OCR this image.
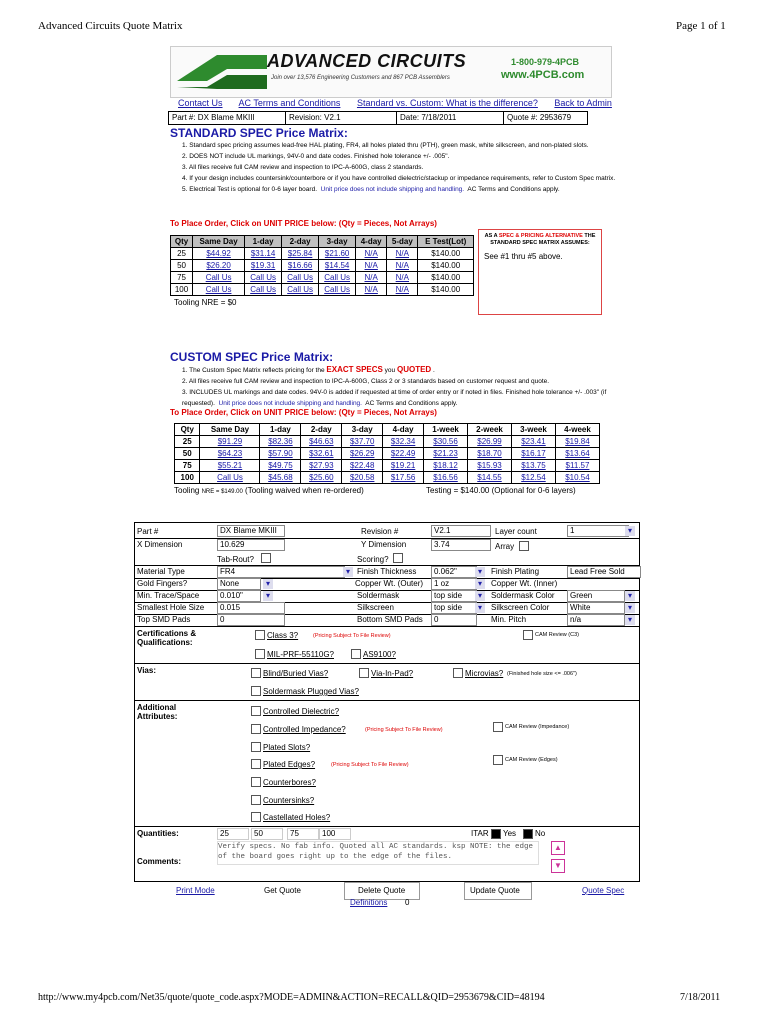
Advanced Circuits Quote Matrix	Page 1 of 1
ADVANCED CIRCUITS
Join over 13,576 Engineering Customers and 867 PCB Assemblers
1-800-979-4PCB
www.4PCB.com
Contact Us AC Terms and Conditions Standard vs. Custom: What is the difference? Back to Admin
Part #: DX Blame MKIII	Revision: V2.1	Date: 7/18/2011	Quote #: 2953679
STANDARD SPEC Price Matrix:
1. Standard spec pricing assumes lead-free HAL plating, FR4, all holes plated thru (PTH), green mask, white silkscreen, and non-plated slots.
2. DOES NOT include UL markings, 94V-0 and date codes. Finished hole tolerance +/- .005".
3. All files receive full CAM review and inspection to IPC-A-600G, class 2 standards.
4. If your design includes countersink/counterbore or if you have controlled dielectric/stackup or impedance requirements, refer to Custom Spec matrix.
5. Electrical Test is optional for 0-6 layer board. Unit price does not include shipping and handling. AC Terms and Conditions apply.
To Place Order, Click on UNIT PRICE below: (Qty = Pieces, Not Arrays)
Qty	Same Day	1-day	2-day	3-day	4-day	5-day	E Test(Lot)
25	$44.92	$31.14	$25.84	$21.60	N/A	N/A	$140.00
50	$26.20	$19.31	$16.66	$14.54	N/A	N/A	$140.00
75	Call Us	Call Us	Call Us	Call Us	N/A	N/A	$140.00
100	Call Us	Call Us	Call Us	Call Us	N/A	N/A	$140.00
Tooling NRE = $0
AS A SPEC & PRICING ALTERNATIVE THE STANDARD SPEC MATRIX ASSUMES:
See #1 thru #5 above.
CUSTOM SPEC Price Matrix:
1. The Custom Spec Matrix reflects pricing for the EXACT SPECS you QUOTED .
2. All files receive full CAM review and inspection to IPC-A-600G, Class 2 or 3 standards based on customer request and quote.
3. INCLUDES UL markings and date codes. 94V-0 is added if requested at time of order entry or if noted in files. Finished hole tolerance +/- .003" (if requested). Unit price does not include shipping and handling. AC Terms and Conditions apply.
To Place Order, Click on UNIT PRICE below: (Qty = Pieces, Not Arrays)
Qty	Same Day	1-day	2-day	3-day	4-day	1-week	2-week	3-week	4-week
25	$91.29	$82.36	$46.63	$37.70	$32.34	$30.56	$26.99	$23.41	$19.84
50	$64.23	$57.90	$32.61	$26.29	$22.49	$21.23	$18.70	$16.17	$13.64
75	$55.21	$49.75	$27.93	$22.48	$19.21	$18.12	$15.93	$13.75	$11.57
100	Call Us	$45.68	$25.60	$20.58	$17.56	$16.56	$14.55	$12.54	$10.54
Tooling NRE = $149.00 (Tooling waived when re-ordered)	Testing = $140.00 (Optional for 0-6 layers)
Part #	DX Blame MKIII	Revision #	V2.1	Layer count	1	▾
X Dimension	10.629	Y Dimension	3.74	Array
Tab-Rout?	Scoring?
Material Type	FR4	▾ Finish Thickness	0.062"	▾	Finish Plating	Lead Free Sold
Gold Fingers?	None	▾	Copper Wt. (Outer)	1 oz	▾	Copper Wt. (Inner)
Min. Trace/Space	0.010"	▾	Soldermask	top side	▾	Soldermask Color	Green	▾
Smallest Hole Size	0.015	Silkscreen	top side	▾	Silkscreen Color	White	▾
Top SMD Pads	0	Bottom SMD Pads	0	Min. Pitch	n/a	▾
Certifications & Qualifications:
Class 3?	(Pricing Subject To File Review)	CAM Review (C3)
MIL-PRF-55110G?	AS9100?
Vias:	Blind/Buried Vias?	Via-In-Pad?	Microvias? (Finished hole size <= .006")
Soldermask Plugged Vias?
Additional Attributes:
Controlled Dielectric?
Controlled Impedance?	(Pricing Subject To File Review)	CAM Review (Impedance)
Plated Slots?
Plated Edges?	(Pricing Subject To File Review)
CAM Review (Edges)
Counterbores?
Countersinks?
Castellated Holes?
Quantities:	25	50	75	100	ITAR Yes No
Comments:
Verify specs. No fab info. Quoted all AC standards. ksp NOTE: the edge of the board goes right up to the edge of the files.
▲
▼
Print Mode	Get Quote	Delete Quote	Update Quote	Quote Spec
Definitions 0
http://www.my4pcb.com/Net35/quote/quote_code.aspx?MODE=ADMIN&ACTION=RECALL&QID=2953679&CID=48194	7/18/2011
